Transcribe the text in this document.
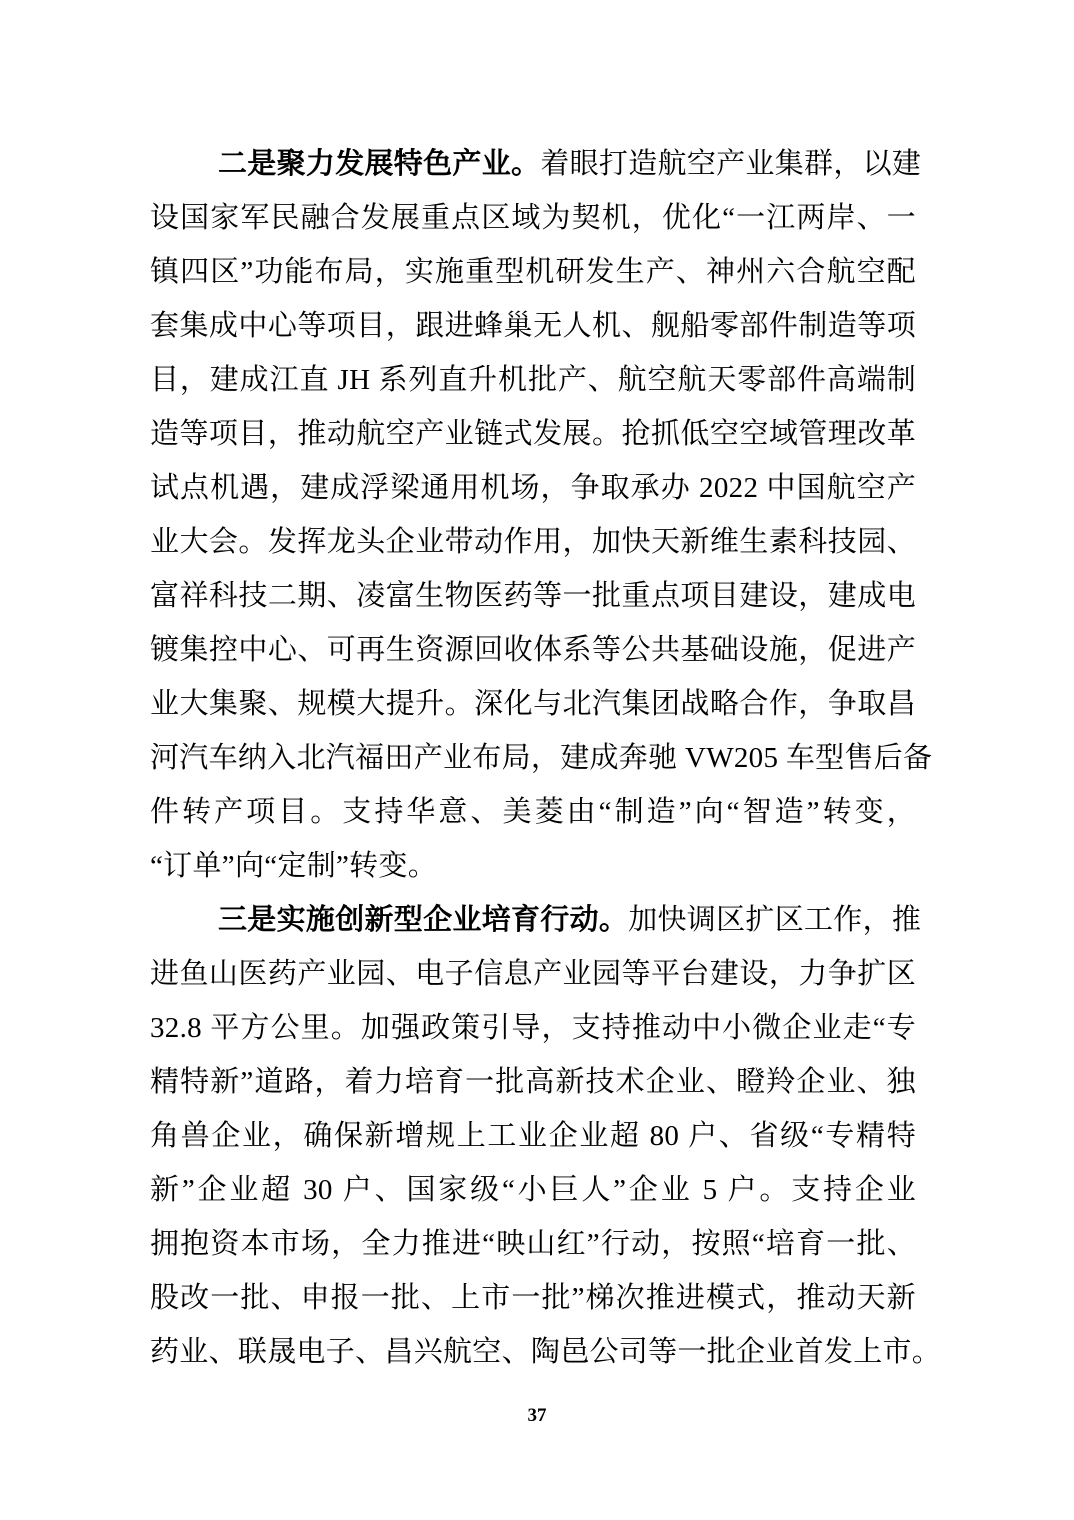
二是聚力发展特色产业。着眼打造航空产业集群，以建
设国家军民融合发展重点区域为契机，优化“一江两岸、一
镇四区”功能布局，实施重型机研发生产、神州六合航空配
套集成中心等项目，跟进蜂巢无人机、舰船零部件制造等项
目，建成江直 JH 系列直升机批产、航空航天零部件高端制
造等项目，推动航空产业链式发展。抢抓低空空域管理改革
试点机遇，建成浮梁通用机场，争取承办 2022 中国航空产
业大会。发挥龙头企业带动作用，加快天新维生素科技园、
富祥科技二期、凌富生物医药等一批重点项目建设，建成电
镀集控中心、可再生资源回收体系等公共基础设施，促进产
业大集聚、规模大提升。深化与北汽集团战略合作，争取昌
河汽车纳入北汽福田产业布局，建成奔驰 VW205 车型售后备
件转产项目。支持华意、美菱由“制造”向“智造”转变，
“订单”向“定制”转变。
三是实施创新型企业培育行动。加快调区扩区工作，推
进鱼山医药产业园、电子信息产业园等平台建设，力争扩区
32.8 平方公里。加强政策引导，支持推动中小微企业走“专
精特新”道路，着力培育一批高新技术企业、瞪羚企业、独
角兽企业，确保新增规上工业企业超 80 户、省级“专精特
新”企业超 30 户、国家级“小巨人”企业 5 户。支持企业
拥抱资本市场，全力推进“映山红”行动，按照“培育一批、
股改一批、申报一批、上市一批”梯次推进模式，推动天新
药业、联晟电子、昌兴航空、陶邑公司等一批企业首发上市。
37
